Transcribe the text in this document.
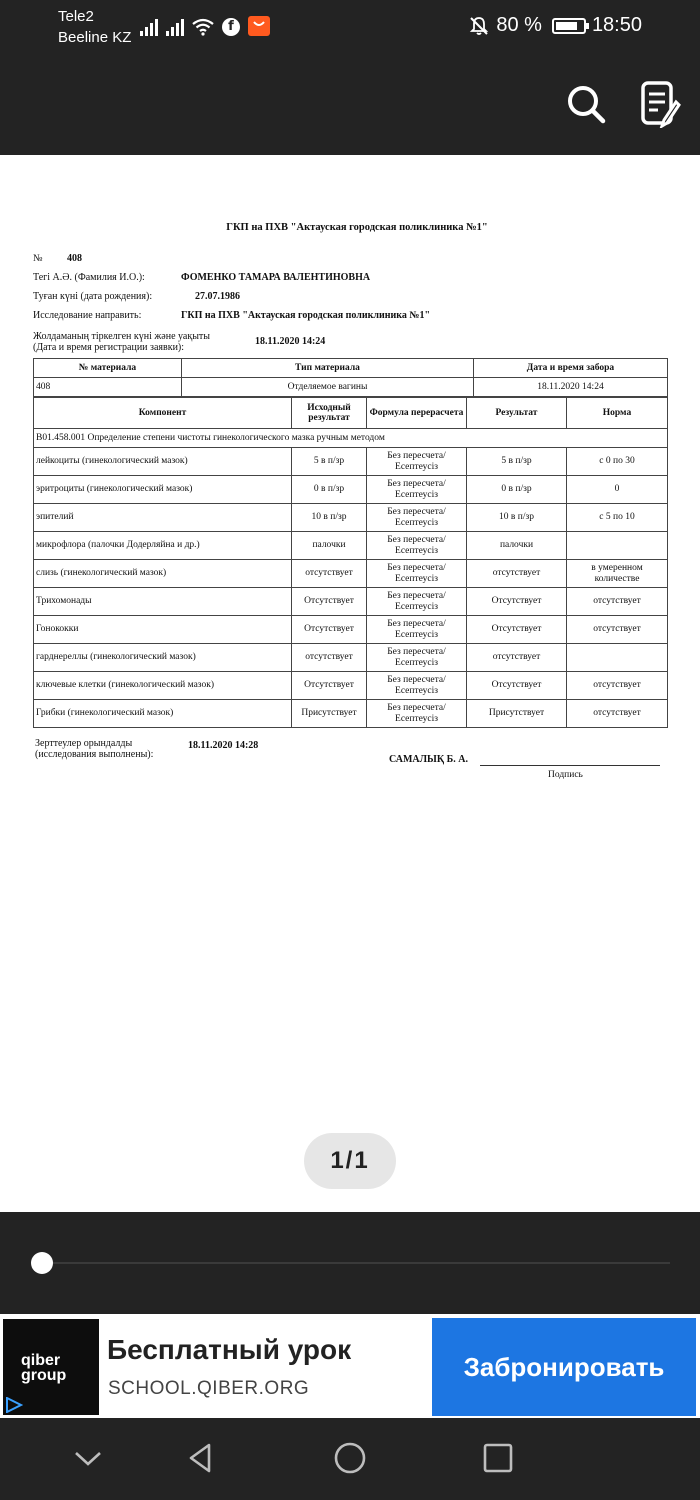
Tele2
Beeline KZ
f	80 %	18:50
ГКП на ПХВ "Актауская городская поликлиника №1"
№	408
Тегі А.Ә. (Фамилия И.О.):	ФОМЕНКО ТАМАРА ВАЛЕНТИНОВНА
Туған күні (дата рождения):	27.07.1986
Исследование направить:	ГКП на ПХВ "Актауская городская поликлиника №1"
Жолдаманың тіркелген күні және уақыты
(Дата и время регистрации заявки):
18.11.2020 14:24
№ материала	Тип материала	Дата и время забора
408	Отделяемое вагины	18.11.2020 14:24
Компонент	Исходный результат	Формула перерасчета	Результат	Норма
B01.458.001 Определение степени чистоты гинекологического мазка ручным методом				
лейкоциты (гинекологический мазок)	5 в п/зр	Без пересчета/ Есептеусіз	5 в п/зр	с 0 по 30
эритроциты (гинекологический мазок)	0 в п/зр	Без пересчета/ Есептеусіз	0 в п/зр	0
эпителий	10 в п/зр	Без пересчета/ Есептеусіз	10 в п/зр	с 5 по 10
микрофлора (палочки Додерляйна и др.)	палочки	Без пересчета/ Есептеусіз	палочки	
слизь (гинекологический мазок)	отсутствует	Без пересчета/ Есептеусіз	отсутствует	в умеренном количестве
Трихомонады	Отсутствует	Без пересчета/ Есептеусіз	Отсутствует	отсутствует
Гонококки	Отсутствует	Без пересчета/ Есептеусіз	Отсутствует	отсутствует
гарднереллы (гинекологический мазок)	отсутствует	Без пересчета/ Есептеусіз	отсутствует	
ключевые клетки (гинекологический мазок)	Отсутствует	Без пересчета/ Есептеусіз	Отсутствует	отсутствует
Грибки (гинекологический мазок)	Присутствует	Без пересчета/ Есептеусіз	Присутствует	отсутствует
Зерттеулер орындалды
(исследования выполнены):
18.11.2020 14:28
САМАЛЫҚ Б. А.
Подпись
1/1
qiber
group
Бесплатный урок
SCHOOL.QIBER.ORG
Забронировать
